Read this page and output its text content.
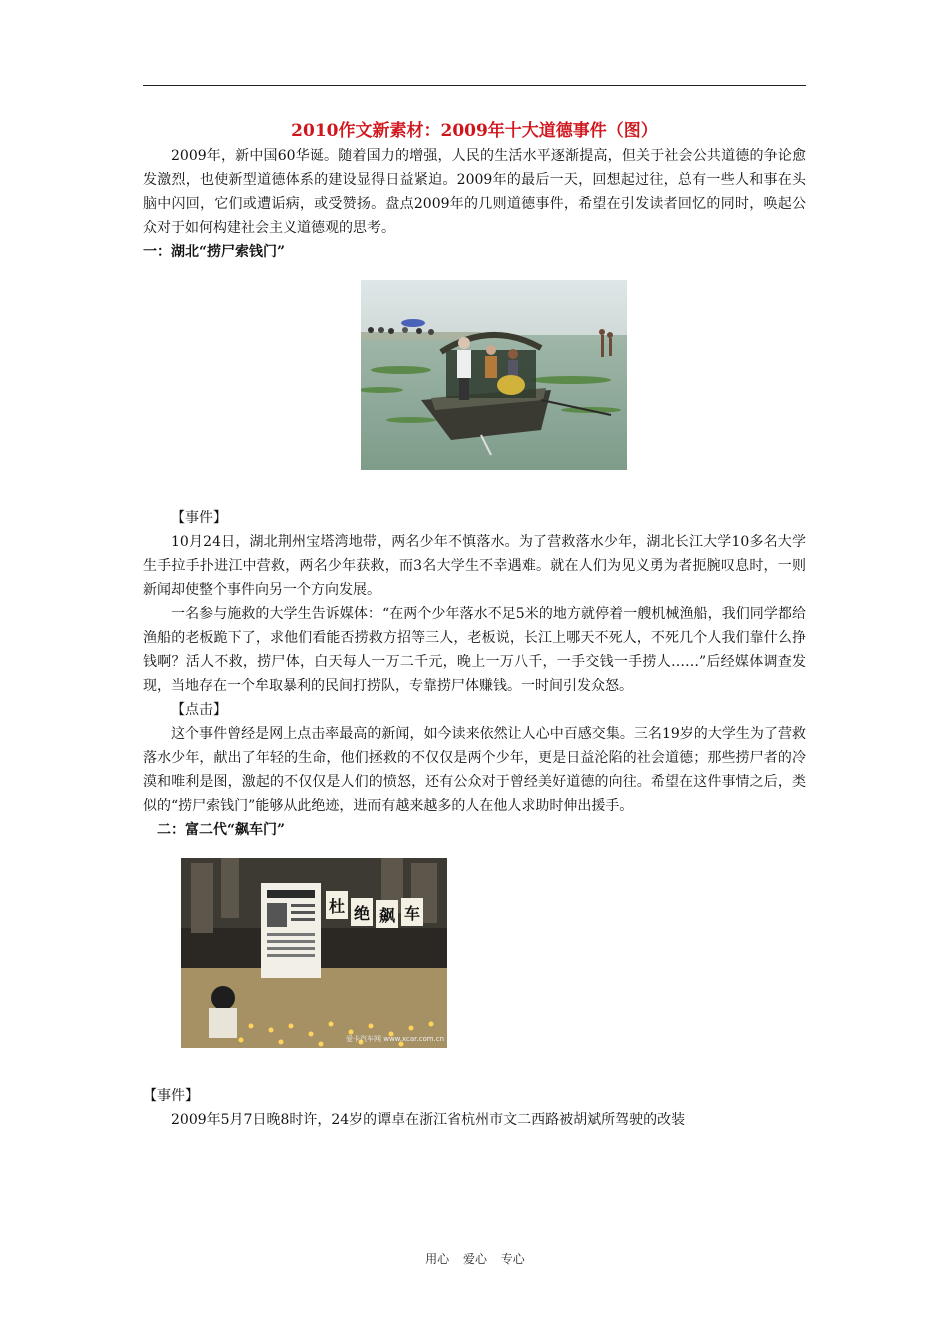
2010作文新素材：2009年十大道德事件（图）

2009年，新中国60华诞。随着国力的增强，人民的生活水平逐渐提高，但关于社会公共道德的争论愈发激烈，也使新型道德体系的建设显得日益紧迫。2009年的最后一天，回想起过往，总有一些人和事在头脑中闪回，它们或遭诟病，或受赞扬。盘点2009年的几则道德事件，希望在引发读者回忆的同时，唤起公众对于如何构建社会主义道德观的思考。

一：湖北“捞尸索钱门”
【事件】

10月24日，湖北荆州宝塔湾地带，两名少年不慎落水。为了营救落水少年，湖北长江大学10多名大学生手拉手扑进江中营救，两名少年获救，而3名大学生不幸遇难。就在人们为见义勇为者扼腕叹息时，一则新闻却使整个事件向另一个方向发展。

一名参与施救的大学生告诉媒体：“在两个少年落水不足5米的地方就停着一艘机械渔船，我们同学都给渔船的老板跪下了，求他们看能否捞救方招等三人，老板说，长江上哪天不死人，不死几个人我们靠什么挣钱啊？活人不救，捞尸体，白天每人一万二千元，晚上一万八千，一手交钱一手捞人……”后经媒体调查发现，当地存在一个牟取暴利的民间打捞队，专靠捞尸体赚钱。一时间引发众怒。

【点击】

这个事件曾经是网上点击率最高的新闻，如今读来依然让人心中百感交集。三名19岁的大学生为了营救落水少年，献出了年轻的生命，他们拯救的不仅仅是两个少年，更是日益沦陷的社会道德；那些捞尸者的冷漠和唯利是图，激起的不仅仅是人们的愤怒，还有公众对于曾经美好道德的向往。希望在这件事情之后，类似的“捞尸索钱门”能够从此绝迹，进而有越来越多的人在他人求助时伸出援手。

二：富二代“飙车门”
杜 绝 飙 车
爱卡汽车网 www.xcar.com.cn
【事件】

2009年5月7日晚8时许，24岁的谭卓在浙江省杭州市文二西路被胡斌所驾驶的改装

用心 爱心 专心
